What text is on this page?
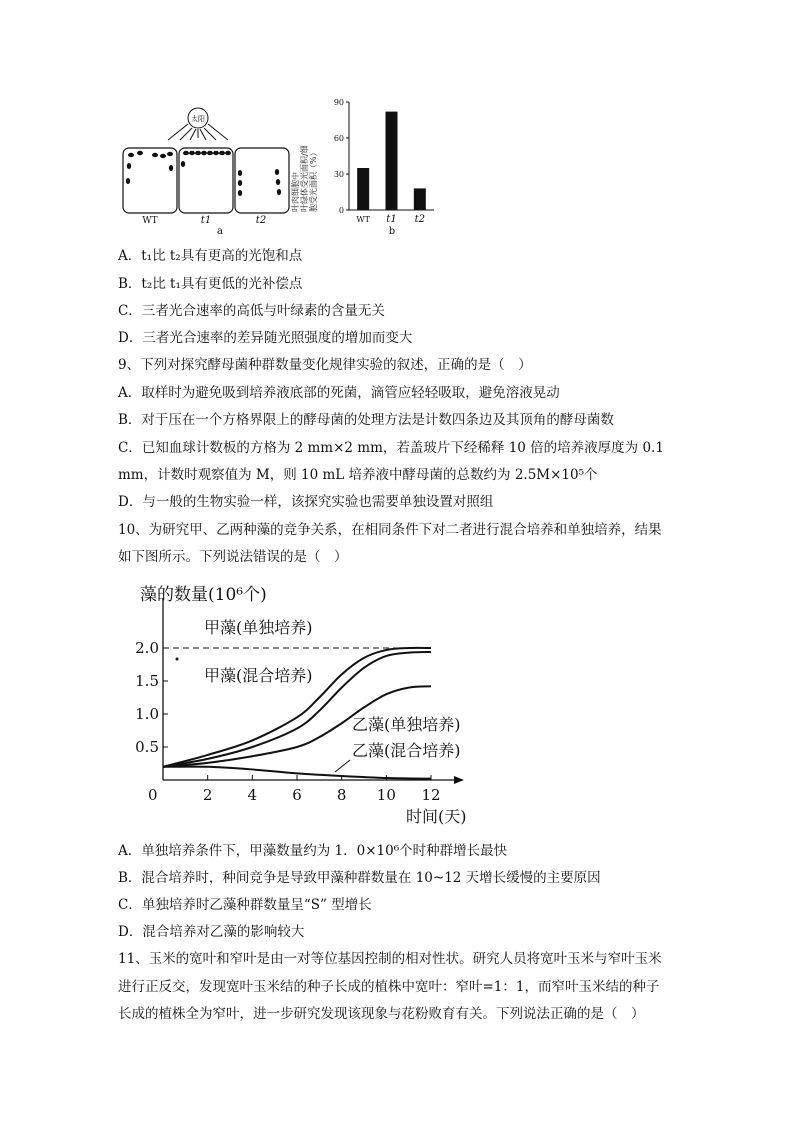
太阳
WT	t1	t2
a
叶肉细胞中 叶绿体受光面积/细 胞受光面积（%）	0
30
60
90
WT t1 t2
b
A．t₁比 t₂具有更高的光饱和点
B．t₂比 t₁具有更低的光补偿点
C．三者光合速率的高低与叶绿素的含量无关
D．三者光合速率的差异随光照强度的增加而变大
9、下列对探究酵母菌种群数量变化规律实验的叙述，正确的是（　）
A．取样时为避免吸到培养液底部的死菌，滴管应轻轻吸取，避免溶液晃动
B．对于压在一个方格界限上的酵母菌的处理方法是计数四条边及其顶角的酵母菌数
C．已知血球计数板的方格为 2 mm×2 mm，若盖玻片下经稀释 10 倍的培养液厚度为 0.1
mm，计数时观察值为 M，则 10 mL 培养液中酵母菌的总数约为 2.5M×10⁵个
D．与一般的生物实验一样，该探究实验也需要单独设置对照组
10、为研究甲、乙两种藻的竞争关系，在相同条件下对二者进行混合培养和单独培养，结果
如下图所示。下列说法错误的是（　）
藻的数量(10⁶个)
0
时间(天)
2 4 6 8 10 12
0.5
1.0
1.5
2.0
甲藻(单独培养)
甲藻(混合培养)
乙藻(单独培养)
乙藻(混合培养)
A．单独培养条件下，甲藻数量约为 1．0×10⁶个时种群增长最快
B．混合培养时，种间竞争是导致甲藻种群数量在 10~12 天增长缓慢的主要原因
C．单独培养时乙藻种群数量呈“S” 型增长
D．混合培养对乙藻的影响较大
11、玉米的宽叶和窄叶是由一对等位基因控制的相对性状。研究人员将宽叶玉米与窄叶玉米
进行正反交，发现宽叶玉米结的种子长成的植株中宽叶：窄叶=1：1，而窄叶玉米结的种子
长成的植株全为窄叶，进一步研究发现该现象与花粉败育有关。下列说法正确的是（　）
